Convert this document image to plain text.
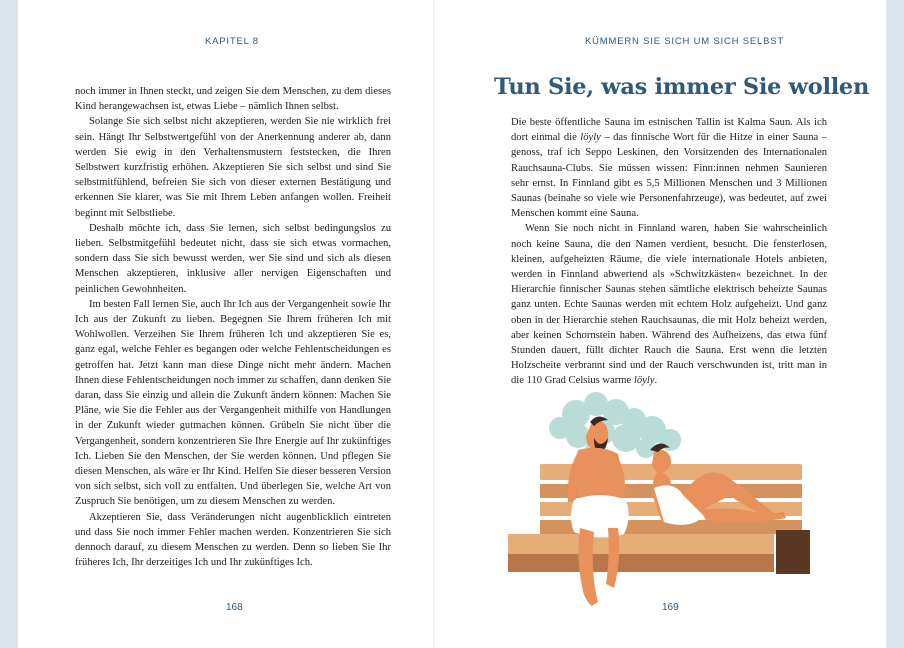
KAPITEL 8

noch immer in Ihnen steckt, und zeigen Sie dem Menschen, zu dem dieses Kind herangewachsen ist, etwas Liebe – nämlich Ihnen selbst.

Solange Sie sich selbst nicht akzeptieren, werden Sie nie wirklich frei sein. Hängt Ihr Selbstwertgefühl von der Anerkennung anderer ab, dann werden Sie ewig in den Verhaltensmustern feststecken, die Ihren Selbstwert kurzfristig erhöhen. Akzeptieren Sie sich selbst und sind Sie selbstmitfühlend, befreien Sie sich von dieser externen Bestätigung und erkennen Sie klarer, was Sie mit Ihrem Leben anfangen wollen. Freiheit beginnt mit Selbstliebe.

Deshalb möchte ich, dass Sie lernen, sich selbst bedingungslos zu lieben. Selbstmitgefühl bedeutet nicht, dass sie sich etwas vormachen, sondern dass Sie sich bewusst werden, wer Sie sind und sich als diesen Menschen akzeptieren, inklusive aller nervigen Eigenschaften und peinlichen Gewohnheiten.

Im besten Fall lernen Sie, auch Ihr Ich aus der Vergangenheit sowie Ihr Ich aus der Zukunft zu lieben. Begegnen Sie Ihrem früheren Ich mit Wohlwollen. Verzeihen Sie Ihrem früheren Ich und akzeptieren Sie es, ganz egal, welche Fehler es begangen oder welche Fehlentscheidungen es getroffen hat. Jetzt kann man diese Dinge nicht mehr ändern. Machen Ihnen diese Fehlentscheidungen noch immer zu schaffen, dann denken Sie daran, dass Sie einzig und allein die Zukunft ändern können: Machen Sie Pläne, wie Sie die Fehler aus der Vergangenheit mithilfe von Handlungen in der Zukunft wieder gutmachen können. Grübeln Sie nicht über die Vergangenheit, sondern konzentrieren Sie Ihre Energie auf Ihr zukünftiges Ich. Lieben Sie den Menschen, der Sie werden können. Und pflegen Sie diesen Menschen, als wäre er Ihr Kind. Helfen Sie dieser besseren Version von sich selbst, sich voll zu entfalten. Und überlegen Sie, welche Art von Zuspruch Sie benötigen, um zu diesem Menschen zu werden.

Akzeptieren Sie, dass Veränderungen nicht augenblicklich eintreten und dass Sie noch immer Fehler machen werden. Konzentrieren Sie sich dennoch darauf, zu diesem Menschen zu werden. Denn so lieben Sie Ihr früheres Ich, Ihr derzeitiges Ich und Ihr zukünftiges Ich.

168
KÜMMERN SIE SICH UM SICH SELBST
Tun Sie, was immer Sie wollen

Die beste öffentliche Sauna im estnischen Tallin ist Kalma Saun. Als ich dort einmal die löyly – das finnische Wort für die Hitze in einer Sauna – genoss, traf ich Seppo Leskinen, den Vorsitzenden des Internationalen Rauchsauna-Clubs. Sie müssen wissen: Finn:innen nehmen Saunieren sehr ernst. In Finnland gibt es 5,5 Millionen Menschen und 3 Millionen Saunas (beinahe so viele wie Personenfahrzeuge), was bedeutet, auf zwei Menschen kommt eine Sauna.

Wenn Sie noch nicht in Finnland waren, haben Sie wahrscheinlich noch keine Sauna, die den Namen verdient, besucht. Die fensterlosen, kleinen, aufgeheizten Räume, die viele internationale Hotels anbieten, werden in Finnland abwertend als »Schwitzkästen« bezeichnet. In der Hierarchie finnischer Saunas stehen sämtliche elektrisch beheizte Saunas ganz unten. Echte Saunas werden mit echtem Holz aufgeheizt. Und ganz oben in der Hierarchie stehen Rauchsaunas, die mit Holz beheizt werden, aber keinen Schornstein haben. Während des Aufheizens, das etwa fünf Stunden dauert, füllt dichter Rauch die Sauna. Erst wenn die letzten Holzscheite verbrannt sind und der Rauch verschwunden ist, tritt man in die 110 Grad Celsius warme löyly.

169
